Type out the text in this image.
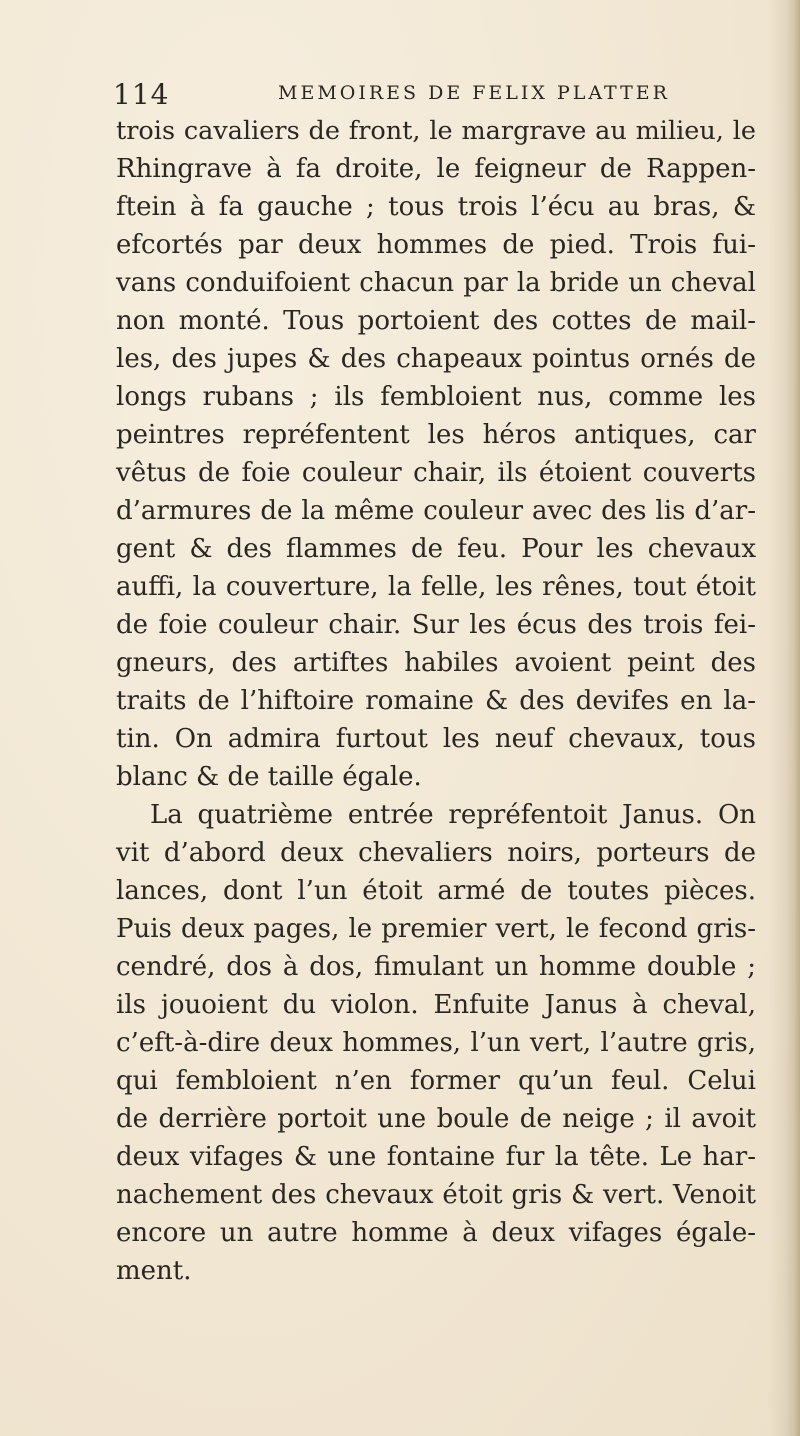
114	MEMOIRES DE FELIX PLATTER
trois cavaliers de front, le margrave au milieu, le
Rhingrave à fa droite, le feigneur de Rappen-
ftein à fa gauche ; tous trois l’écu au bras, &
efcortés par deux hommes de pied. Trois fui-
vans conduifoient chacun par la bride un cheval
non monté. Tous portoient des cottes de mail-
les, des jupes & des chapeaux pointus ornés de
longs rubans ; ils fembloient nus, comme les
peintres repréfentent les héros antiques, car
vêtus de foie couleur chair, ils étoient couverts
d’armures de la même couleur avec des lis d’ar-
gent & des flammes de feu. Pour les chevaux
auffi, la couverture, la felle, les rênes, tout étoit
de foie couleur chair. Sur les écus des trois fei-
gneurs, des artiftes habiles avoient peint des
traits de l’hiftoire romaine & des devifes en la-
tin. On admira furtout les neuf chevaux, tous
blanc & de taille égale.
La quatrième entrée repréfentoit Janus. On
vit d’abord deux chevaliers noirs, porteurs de
lances, dont l’un étoit armé de toutes pièces.
Puis deux pages, le premier vert, le fecond gris-
cendré, dos à dos, fimulant un homme double ;
ils jouoient du violon. Enfuite Janus à cheval,
c’eft-à-dire deux hommes, l’un vert, l’autre gris,
qui fembloient n’en former qu’un feul. Celui
de derrière portoit une boule de neige ; il avoit
deux vifages & une fontaine fur la tête. Le har-
nachement des chevaux étoit gris & vert. Venoit
encore un autre homme à deux vifages égale-
ment.
